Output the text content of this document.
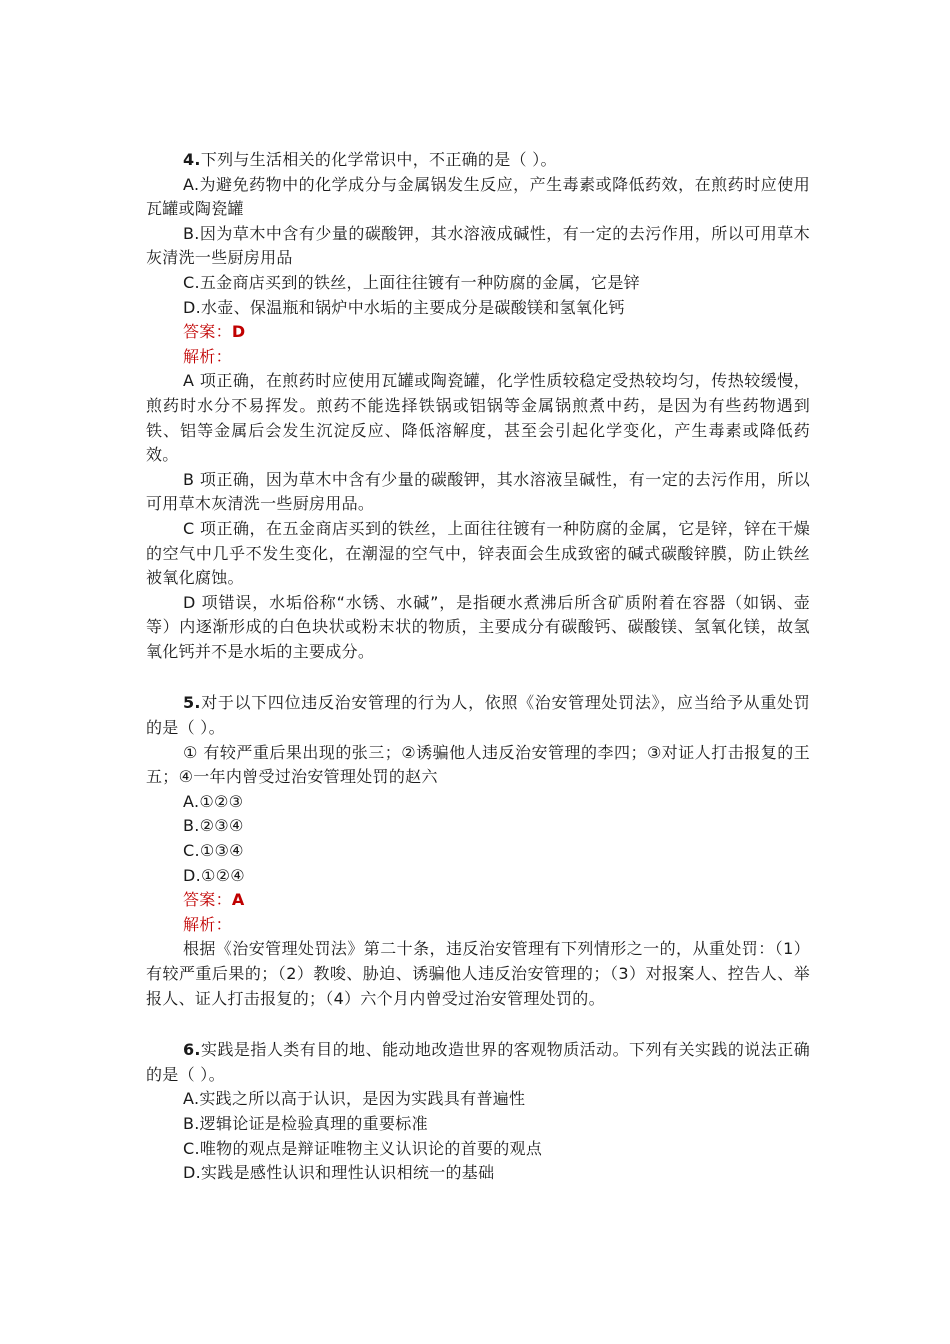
4.下列与生活相关的化学常识中，不正确的是（ ）。

A.为避免药物中的化学成分与金属锅发生反应，产生毒素或降低药效，在煎药时应使用瓦罐或陶瓷罐

B.因为草木中含有少量的碳酸钾，其水溶液成碱性，有一定的去污作用，所以可用草木灰清洗一些厨房用品

C.五金商店买到的铁丝，上面往往镀有一种防腐的金属，它是锌

D.水壶、保温瓶和锅炉中水垢的主要成分是碳酸镁和氢氧化钙

答案：D

解析：

A 项正确，在煎药时应使用瓦罐或陶瓷罐，化学性质较稳定受热较均匀，传热较缓慢，煎药时水分不易挥发。煎药不能选择铁锅或铝锅等金属锅煎煮中药，是因为有些药物遇到铁、铝等金属后会发生沉淀反应、降低溶解度，甚至会引起化学变化，产生毒素或降低药效。

B 项正确，因为草木中含有少量的碳酸钾，其水溶液呈碱性，有一定的去污作用，所以可用草木灰清洗一些厨房用品。

C 项正确，在五金商店买到的铁丝，上面往往镀有一种防腐的金属，它是锌，锌在干燥的空气中几乎不发生变化，在潮湿的空气中，锌表面会生成致密的碱式碳酸锌膜，防止铁丝被氧化腐蚀。

D 项错误，水垢俗称“水锈、水碱”，是指硬水煮沸后所含矿质附着在容器（如锅、壶等）内逐渐形成的白色块状或粉末状的物质，主要成分有碳酸钙、碳酸镁、氢氧化镁，故氢氧化钙并不是水垢的主要成分。

5.对于以下四位违反治安管理的行为人，依照《治安管理处罚法》，应当给予从重处罚的是（ ）。

① 有较严重后果出现的张三；②诱骗他人违反治安管理的李四；③对证人打击报复的王五；④一年内曾受过治安管理处罚的赵六

A.①②③

B.②③④

C.①③④

D.①②④

答案：A

解析：

根据《治安管理处罚法》第二十条，违反治安管理有下列情形之一的，从重处罚：（1）有较严重后果的；（2）教唆、胁迫、诱骗他人违反治安管理的；（3）对报案人、控告人、举报人、证人打击报复的；（4）六个月内曾受过治安管理处罚的。

6.实践是指人类有目的地、能动地改造世界的客观物质活动。下列有关实践的说法正确的是（ ）。

A.实践之所以高于认识，是因为实践具有普遍性

B.逻辑论证是检验真理的重要标准

C.唯物的观点是辩证唯物主义认识论的首要的观点

D.实践是感性认识和理性认识相统一的基础
